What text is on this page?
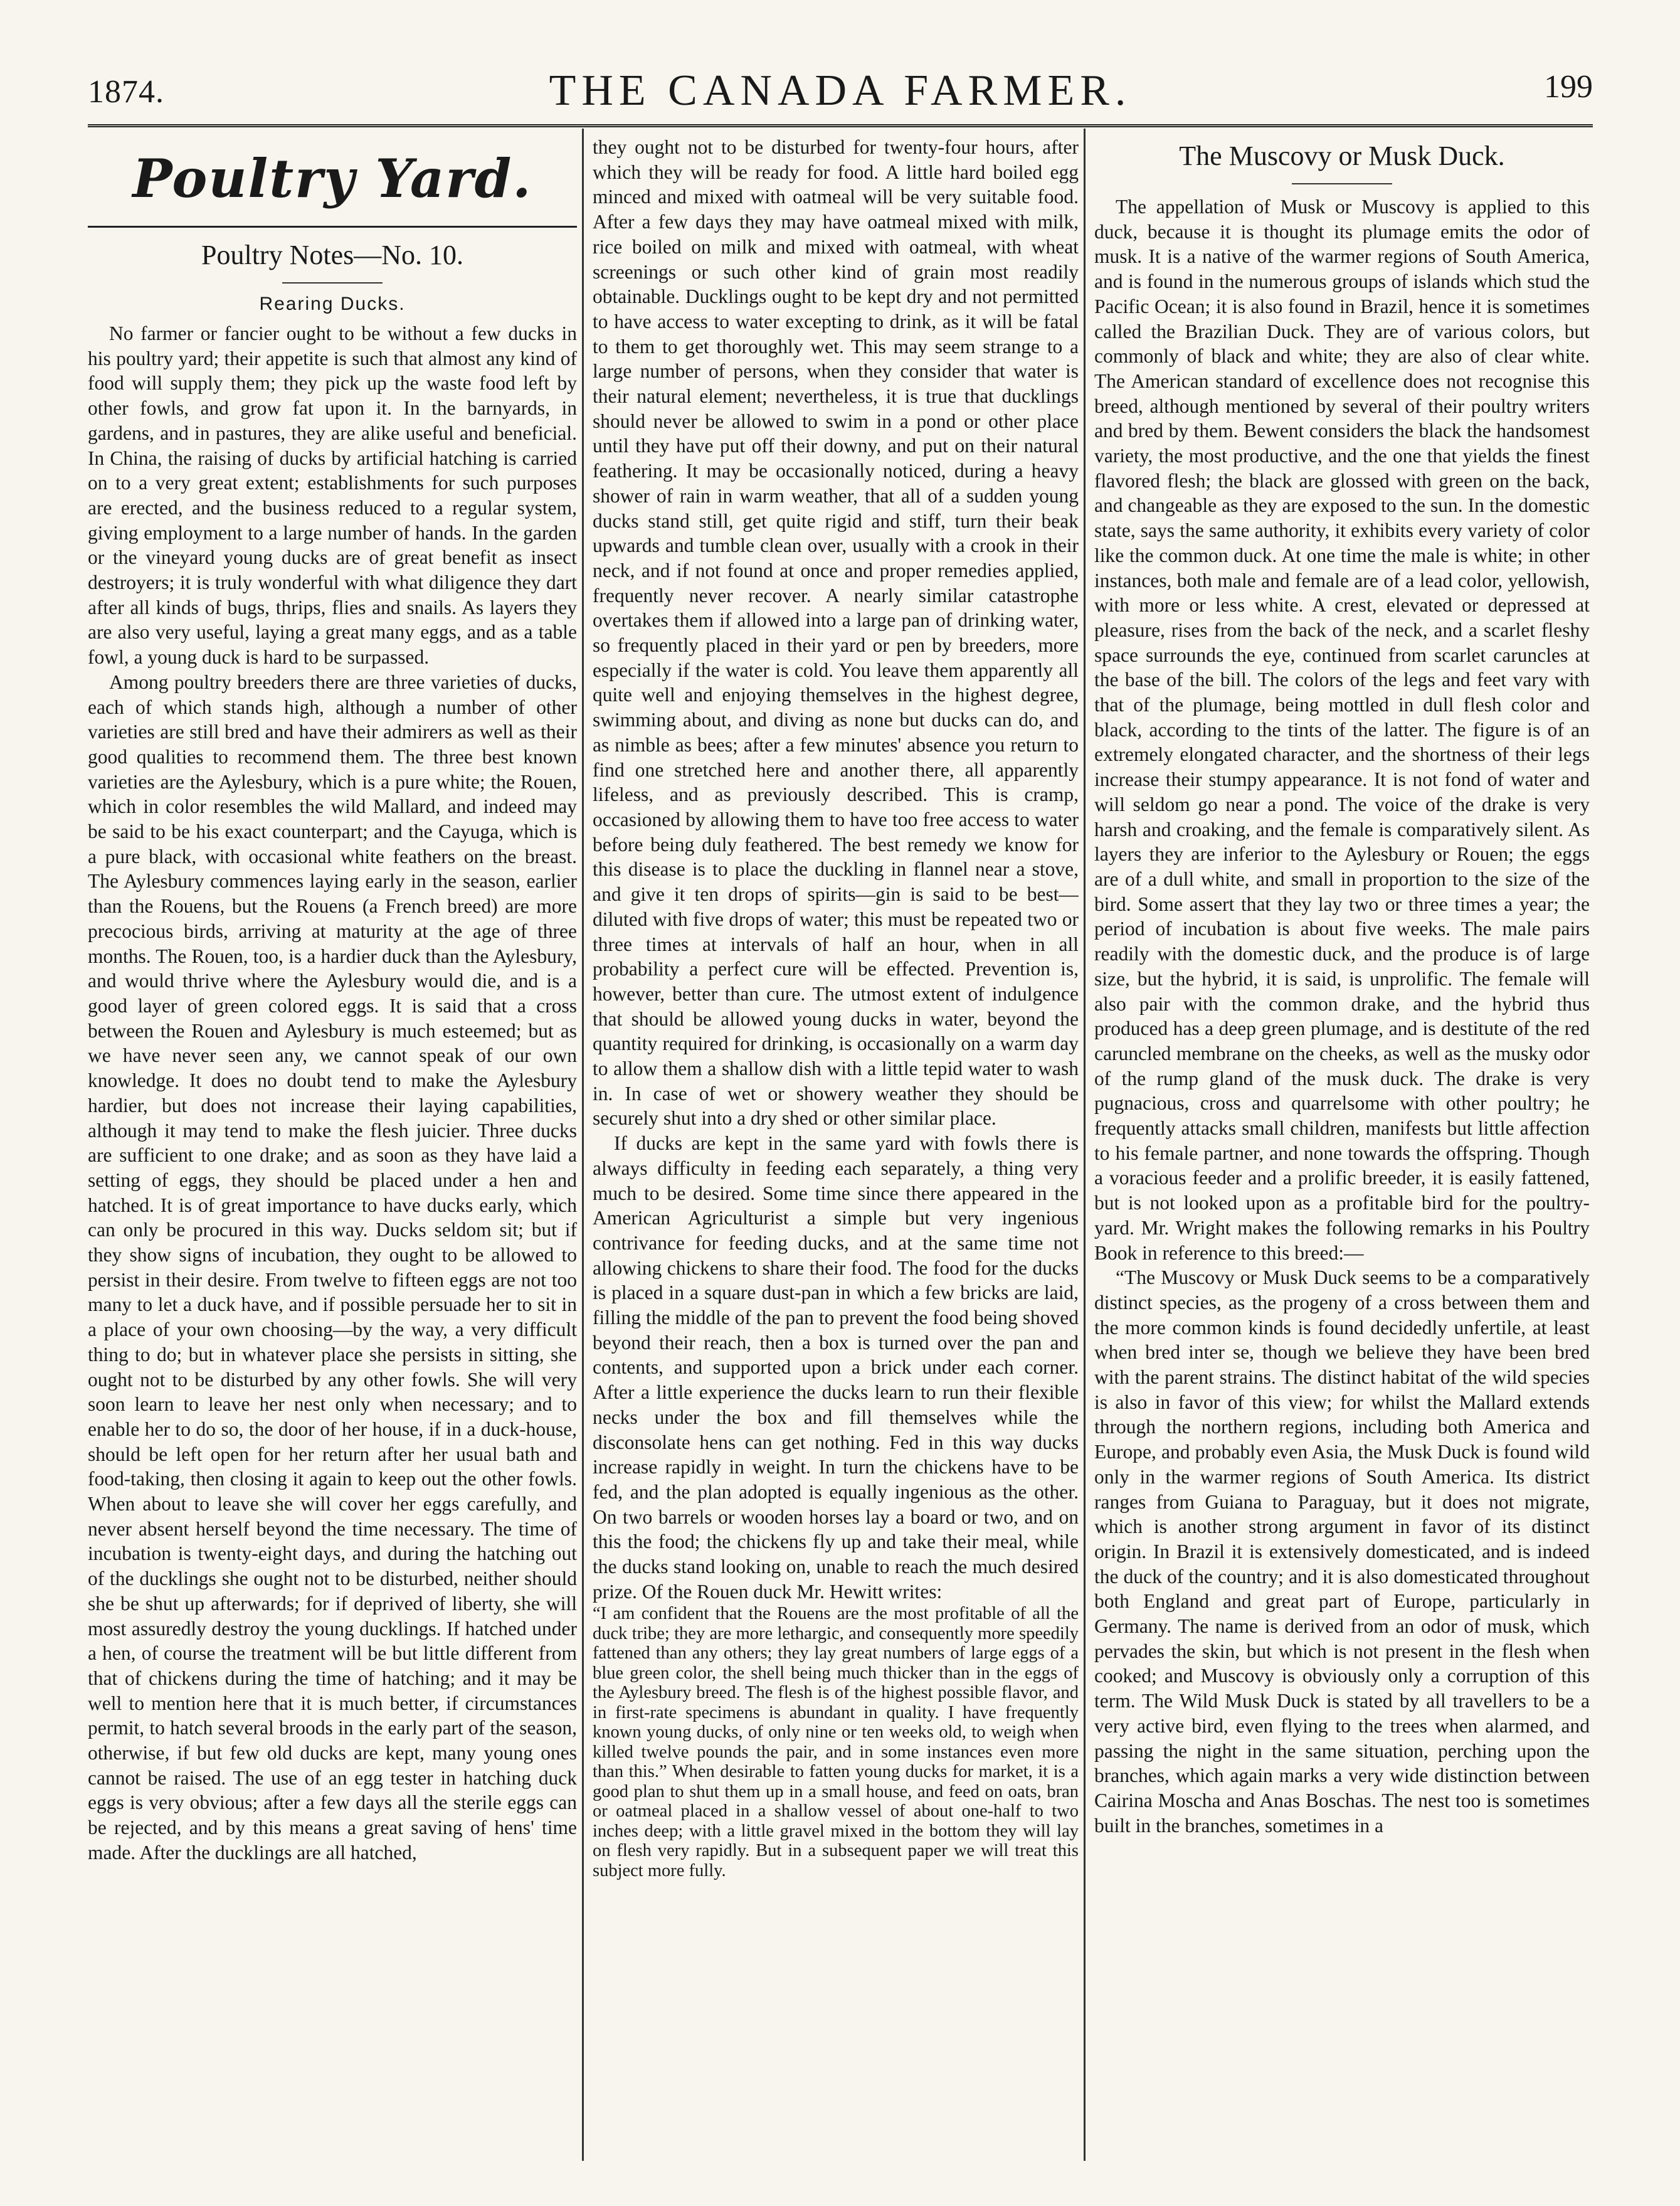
1874.	THE CANADA FARMER.	199
Poultry Yard.
Poultry Notes—No. 10.
Rearing Ducks.

No farmer or fancier ought to be without a few ducks in his poultry yard; their appetite is such that almost any kind of food will supply them; they pick up the waste food left by other fowls, and grow fat upon it. In the barnyards, in gardens, and in pastures, they are alike useful and beneficial. In China, the raising of ducks by artificial hatching is carried on to a very great extent; establishments for such purposes are erected, and the business reduced to a regular system, giving employment to a large number of hands. In the garden or the vineyard young ducks are of great benefit as insect destroyers; it is truly wonderful with what diligence they dart after all kinds of bugs, thrips, flies and snails. As layers they are also very useful, laying a great many eggs, and as a table fowl, a young duck is hard to be surpassed.

Among poultry breeders there are three varieties of ducks, each of which stands high, although a number of other varieties are still bred and have their admirers as well as their good qualities to recommend them. The three best known varieties are the Aylesbury, which is a pure white; the Rouen, which in color resembles the wild Mallard, and indeed may be said to be his exact counterpart; and the Cayuga, which is a pure black, with occasional white feathers on the breast. The Aylesbury commences laying early in the season, earlier than the Rouens, but the Rouens (a French breed) are more precocious birds, arriving at maturity at the age of three months. The Rouen, too, is a hardier duck than the Aylesbury, and would thrive where the Aylesbury would die, and is a good layer of green colored eggs. It is said that a cross between the Rouen and Aylesbury is much esteemed; but as we have never seen any, we cannot speak of our own knowledge. It does no doubt tend to make the Aylesbury hardier, but does not increase their laying capabilities, although it may tend to make the flesh juicier. Three ducks are sufficient to one drake; and as soon as they have laid a setting of eggs, they should be placed under a hen and hatched. It is of great importance to have ducks early, which can only be procured in this way. Ducks seldom sit; but if they show signs of incubation, they ought to be allowed to persist in their desire. From twelve to fifteen eggs are not too many to let a duck have, and if possible persuade her to sit in a place of your own choosing—by the way, a very difficult thing to do; but in whatever place she persists in sitting, she ought not to be disturbed by any other fowls. She will very soon learn to leave her nest only when necessary; and to enable her to do so, the door of her house, if in a duck-house, should be left open for her return after her usual bath and food-taking, then closing it again to keep out the other fowls. When about to leave she will cover her eggs carefully, and never absent herself beyond the time necessary. The time of incubation is twenty-eight days, and during the hatching out of the ducklings she ought not to be disturbed, neither should she be shut up afterwards; for if deprived of liberty, she will most assuredly destroy the young ducklings. If hatched under a hen, of course the treatment will be but little different from that of chickens during the time of hatching; and it may be well to mention here that it is much better, if circumstances permit, to hatch several broods in the early part of the season, otherwise, if but few old ducks are kept, many young ones cannot be raised. The use of an egg tester in hatching duck eggs is very obvious; after a few days all the sterile eggs can be rejected, and by this means a great saving of hens' time made. After the ducklings are all hatched,

they ought not to be disturbed for twenty-four hours, after which they will be ready for food. A little hard boiled egg minced and mixed with oatmeal will be very suitable food. After a few days they may have oatmeal mixed with milk, rice boiled on milk and mixed with oatmeal, with wheat screenings or such other kind of grain most readily obtainable. Ducklings ought to be kept dry and not permitted to have access to water excepting to drink, as it will be fatal to them to get thoroughly wet. This may seem strange to a large number of persons, when they consider that water is their natural element; nevertheless, it is true that ducklings should never be allowed to swim in a pond or other place until they have put off their downy, and put on their natural feathering. It may be occasionally noticed, during a heavy shower of rain in warm weather, that all of a sudden young ducks stand still, get quite rigid and stiff, turn their beak upwards and tumble clean over, usually with a crook in their neck, and if not found at once and proper remedies applied, frequently never recover. A nearly similar catastrophe overtakes them if allowed into a large pan of drinking water, so frequently placed in their yard or pen by breeders, more especially if the water is cold. You leave them apparently all quite well and enjoying themselves in the highest degree, swimming about, and diving as none but ducks can do, and as nimble as bees; after a few minutes' absence you return to find one stretched here and another there, all apparently lifeless, and as previously described. This is cramp, occasioned by allowing them to have too free access to water before being duly feathered. The best remedy we know for this disease is to place the duckling in flannel near a stove, and give it ten drops of spirits—gin is said to be best—diluted with five drops of water; this must be repeated two or three times at intervals of half an hour, when in all probability a perfect cure will be effected. Prevention is, however, better than cure. The utmost extent of indulgence that should be allowed young ducks in water, beyond the quantity required for drinking, is occasionally on a warm day to allow them a shallow dish with a little tepid water to wash in. In case of wet or showery weather they should be securely shut into a dry shed or other similar place.

If ducks are kept in the same yard with fowls there is always difficulty in feeding each separately, a thing very much to be desired. Some time since there appeared in the American Agriculturist a simple but very ingenious contrivance for feeding ducks, and at the same time not allowing chickens to share their food. The food for the ducks is placed in a square dust-pan in which a few bricks are laid, filling the middle of the pan to prevent the food being shoved beyond their reach, then a box is turned over the pan and contents, and supported upon a brick under each corner. After a little experience the ducks learn to run their flexible necks under the box and fill themselves while the disconsolate hens can get nothing. Fed in this way ducks increase rapidly in weight. In turn the chickens have to be fed, and the plan adopted is equally ingenious as the other. On two barrels or wooden horses lay a board or two, and on this the food; the chickens fly up and take their meal, while the ducks stand looking on, unable to reach the much desired prize. Of the Rouen duck Mr. Hewitt writes:

“I am confident that the Rouens are the most profitable of all the duck tribe; they are more lethargic, and consequently more speedily fattened than any others; they lay great numbers of large eggs of a blue green color, the shell being much thicker than in the eggs of the Aylesbury breed. The flesh is of the highest possible flavor, and in first-rate specimens is abundant in quality. I have frequently known young ducks, of only nine or ten weeks old, to weigh when killed twelve pounds the pair, and in some instances even more than this.” When desirable to fatten young ducks for market, it is a good plan to shut them up in a small house, and feed on oats, bran or oatmeal placed in a shallow vessel of about one-half to two inches deep; with a little gravel mixed in the bottom they will lay on flesh very rapidly. But in a subsequent paper we will treat this subject more fully.

The Muscovy or Musk Duck.

The appellation of Musk or Muscovy is applied to this duck, because it is thought its plumage emits the odor of musk. It is a native of the warmer regions of South America, and is found in the numerous groups of islands which stud the Pacific Ocean; it is also found in Brazil, hence it is sometimes called the Brazilian Duck. They are of various colors, but commonly of black and white; they are also of clear white. The American standard of excellence does not recognise this breed, although mentioned by several of their poultry writers and bred by them. Bewent considers the black the handsomest variety, the most productive, and the one that yields the finest flavored flesh; the black are glossed with green on the back, and changeable as they are exposed to the sun. In the domestic state, says the same authority, it exhibits every variety of color like the common duck. At one time the male is white; in other instances, both male and female are of a lead color, yellowish, with more or less white. A crest, elevated or depressed at pleasure, rises from the back of the neck, and a scarlet fleshy space surrounds the eye, continued from scarlet caruncles at the base of the bill. The colors of the legs and feet vary with that of the plumage, being mottled in dull flesh color and black, according to the tints of the latter. The figure is of an extremely elongated character, and the shortness of their legs increase their stumpy appearance. It is not fond of water and will seldom go near a pond. The voice of the drake is very harsh and croaking, and the female is comparatively silent. As layers they are inferior to the Aylesbury or Rouen; the eggs are of a dull white, and small in proportion to the size of the bird. Some assert that they lay two or three times a year; the period of incubation is about five weeks. The male pairs readily with the domestic duck, and the produce is of large size, but the hybrid, it is said, is unprolific. The female will also pair with the common drake, and the hybrid thus produced has a deep green plumage, and is destitute of the red caruncled membrane on the cheeks, as well as the musky odor of the rump gland of the musk duck. The drake is very pugnacious, cross and quarrelsome with other poultry; he frequently attacks small children, manifests but little affection to his female partner, and none towards the offspring. Though a voracious feeder and a prolific breeder, it is easily fattened, but is not looked upon as a profitable bird for the poultry-yard. Mr. Wright makes the following remarks in his Poultry Book in reference to this breed:—

“The Muscovy or Musk Duck seems to be a comparatively distinct species, as the progeny of a cross between them and the more common kinds is found decidedly unfertile, at least when bred inter se, though we believe they have been bred with the parent strains. The distinct habitat of the wild species is also in favor of this view; for whilst the Mallard extends through the northern regions, including both America and Europe, and probably even Asia, the Musk Duck is found wild only in the warmer regions of South America. Its district ranges from Guiana to Paraguay, but it does not migrate, which is another strong argument in favor of its distinct origin. In Brazil it is extensively domesticated, and is indeed the duck of the country; and it is also domesticated throughout both England and great part of Europe, particularly in Germany. The name is derived from an odor of musk, which pervades the skin, but which is not present in the flesh when cooked; and Muscovy is obviously only a corruption of this term. The Wild Musk Duck is stated by all travellers to be a very active bird, even flying to the trees when alarmed, and passing the night in the same situation, perching upon the branches, which again marks a very wide distinction between Cairina Moscha and Anas Boschas. The nest too is sometimes built in the branches, sometimes in a
